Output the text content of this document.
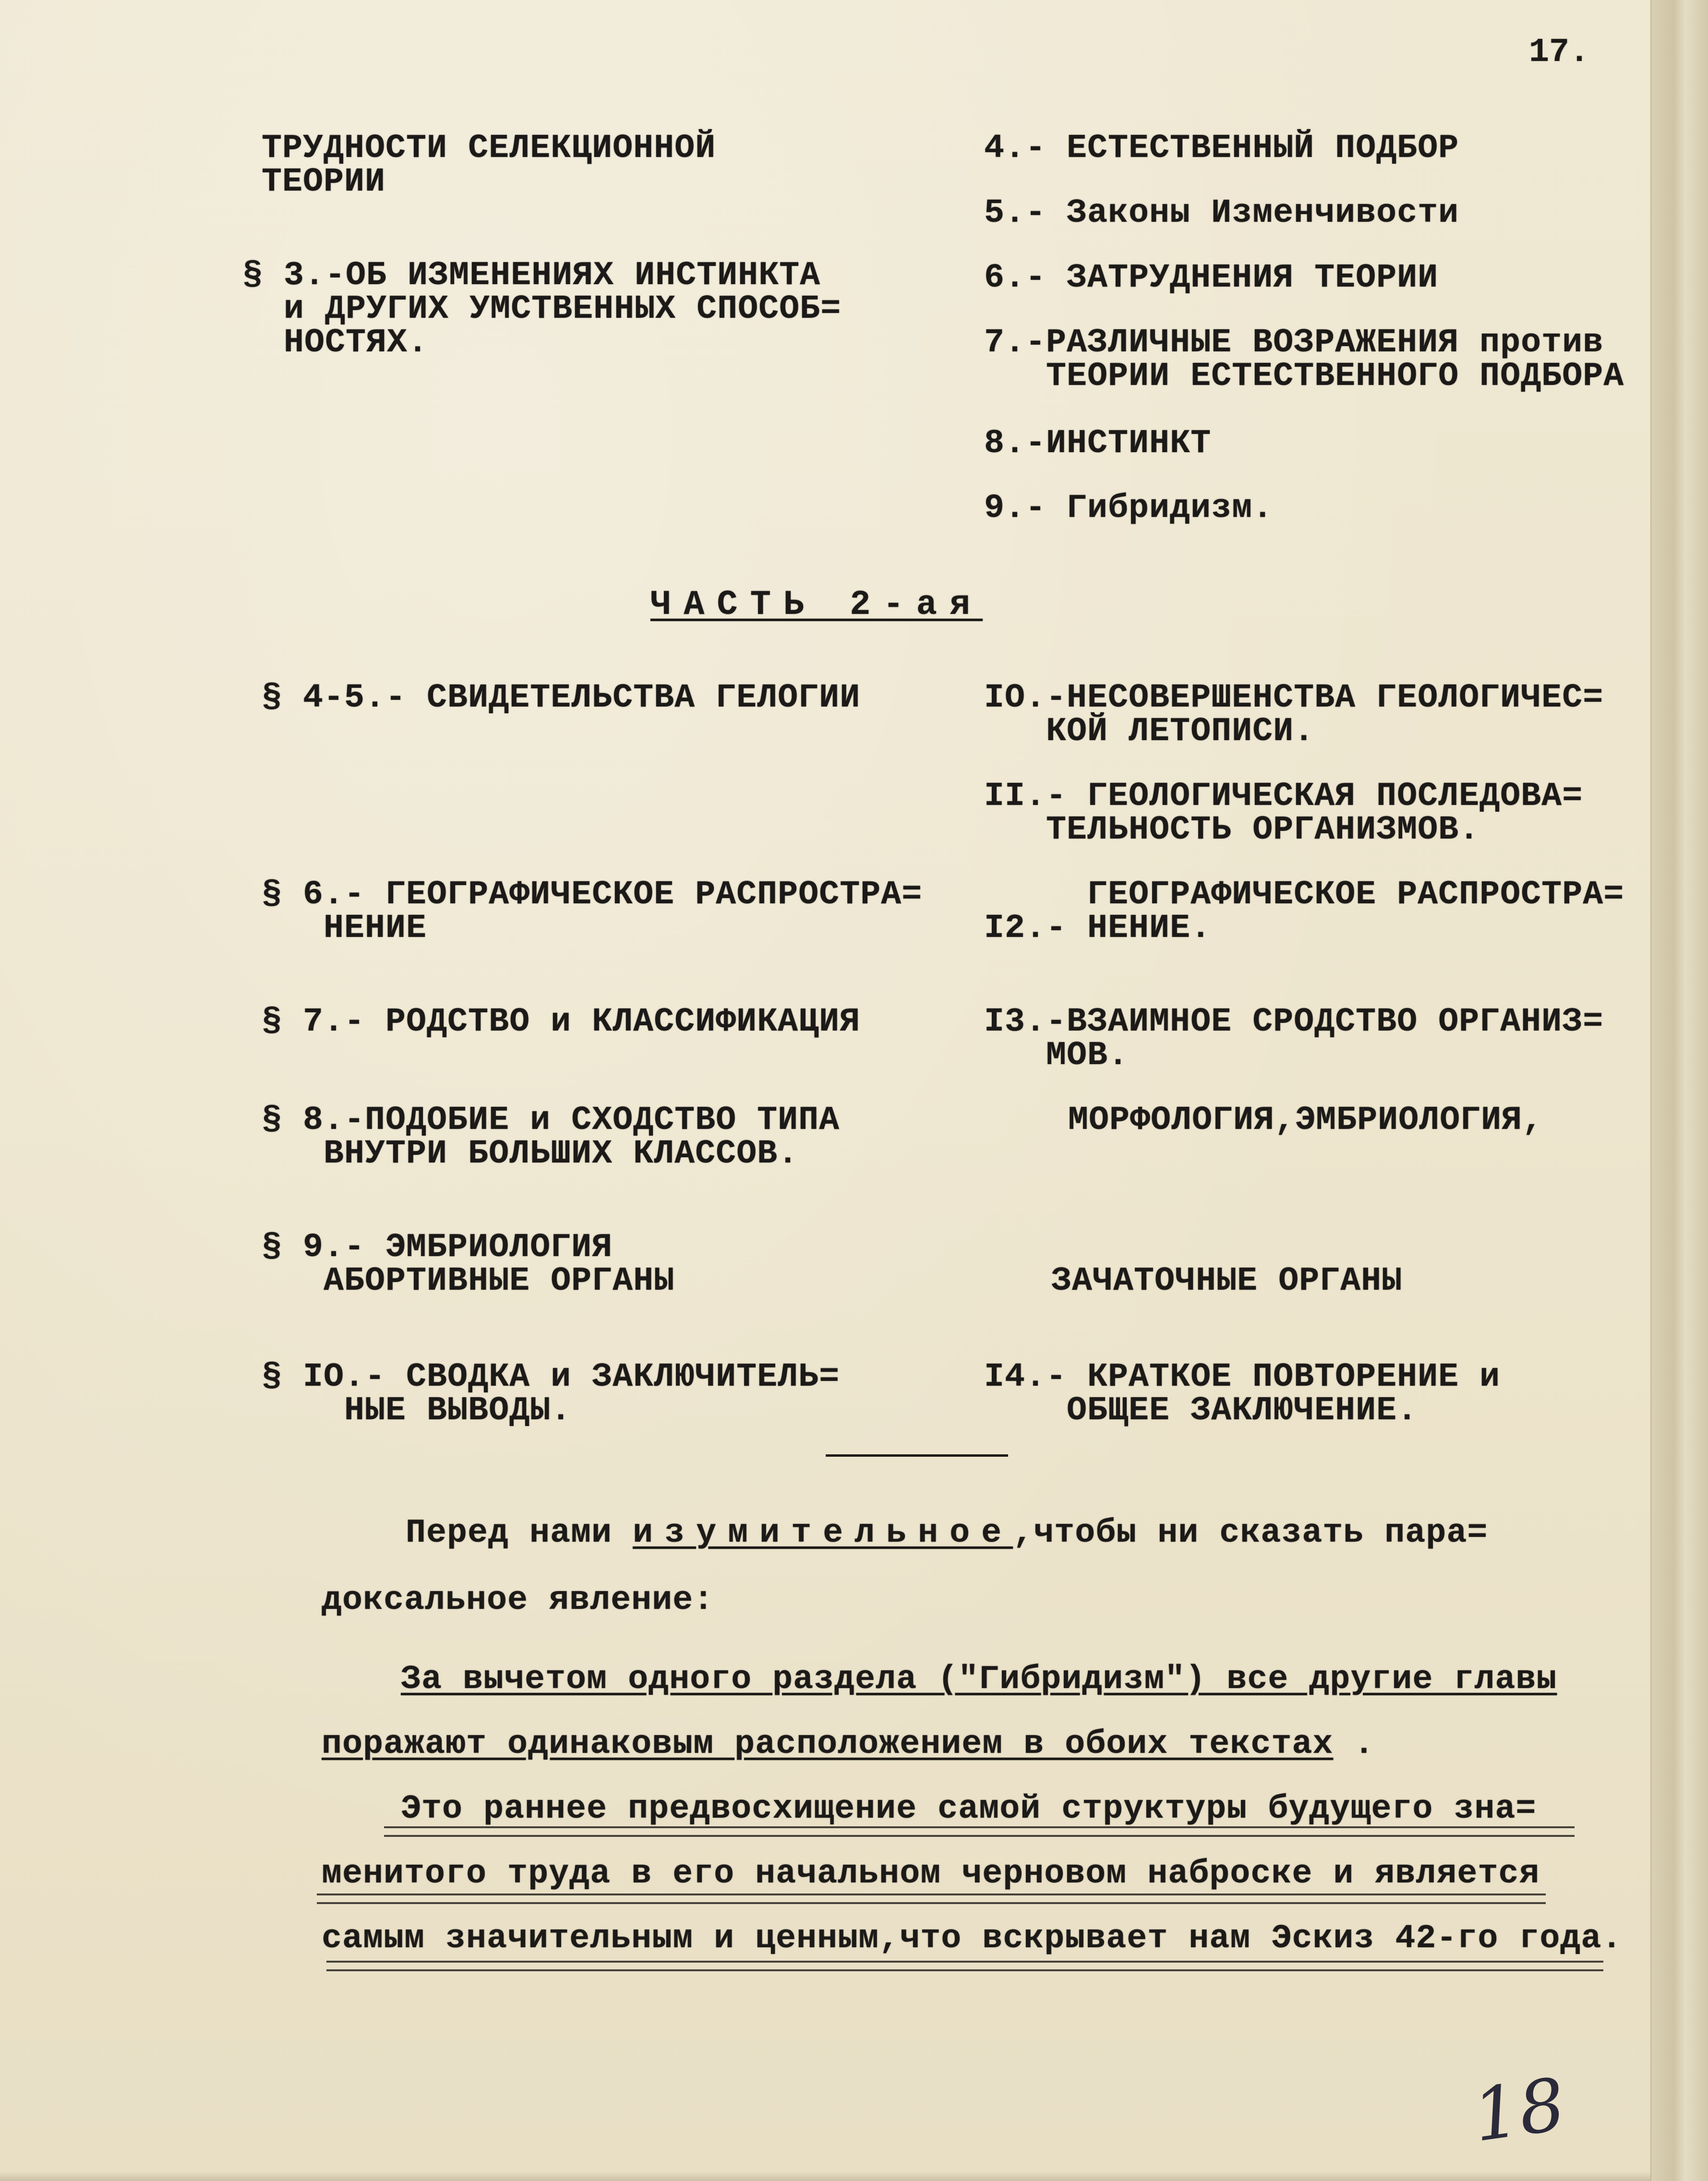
17.
ТРУДНОСТИ СЕЛЕКЦИОННОЙ
ТЕОРИИ
§ 3.-ОБ ИЗМЕНЕНИЯХ ИНСТИНКТА
и ДРУГИХ УМСТВЕННЫХ СПОСОБ=
НОСТЯХ.
§ 4-5.- СВИДЕТЕЛЬСТВА ГЕЛОГИИ
§ 6.- ГЕОГРАФИЧЕСКОЕ РАСПРОСТРА=
НЕНИЕ
§ 7.- РОДСТВО и КЛАССИФИКАЦИЯ
§ 8.-ПОДОБИЕ и СХОДСТВО ТИПА
ВНУТРИ БОЛЬШИХ КЛАССОВ.
§ 9.- ЭМБРИОЛОГИЯ
АБОРТИВНЫЕ ОРГАНЫ
§ IO.- СВОДКА и ЗАКЛЮЧИТЕЛЬ=
НЫЕ ВЫВОДЫ.
4.- ЕСТЕСТВЕННЫЙ ПОДБОР
5.- Законы Изменчивости
6.- ЗАТРУДНЕНИЯ ТЕОРИИ
7.-РАЗЛИЧНЫЕ ВОЗРАЖЕНИЯ против
ТЕОРИИ ЕСТЕСТВЕННОГО ПОДБОРА
8.-ИНСТИНКТ
9.- Гибридизм.
IO.-НЕСОВЕРШЕНСТВА ГЕОЛОГИЧЕС=
КОЙ ЛЕТОПИСИ.
II.- ГЕОЛОГИЧЕСКАЯ ПОСЛЕДОВА=
ТЕЛЬНОСТЬ ОРГАНИЗМОВ.
ГЕОГРАФИЧЕСКОЕ РАСПРОСТРА=
I2.- НЕНИЕ.
I3.-ВЗАИМНОЕ СРОДСТВО ОРГАНИЗ=
МОВ.
МОРФОЛОГИЯ,ЭМБРИОЛОГИЯ,
ЗАЧАТОЧНЫЕ ОРГАНЫ
I4.- КРАТКОЕ ПОВТОРЕНИЕ и
ОБЩЕЕ ЗАКЛЮЧЕНИЕ.
ЧАСТЬ 2-ая
Перед нами изумительное,чтобы ни сказать пара=
доксальное явление:
За вычетом одного раздела ("Гибридизм") все другие главы
поражают одинаковым расположением в обоих текстах .
Это раннее предвосхищение самой структуры будущего зна=
менитого труда в его начальном черновом наброске и является
самым значительным и ценным,что вскрывает нам Эскиз 42-го года.
18
